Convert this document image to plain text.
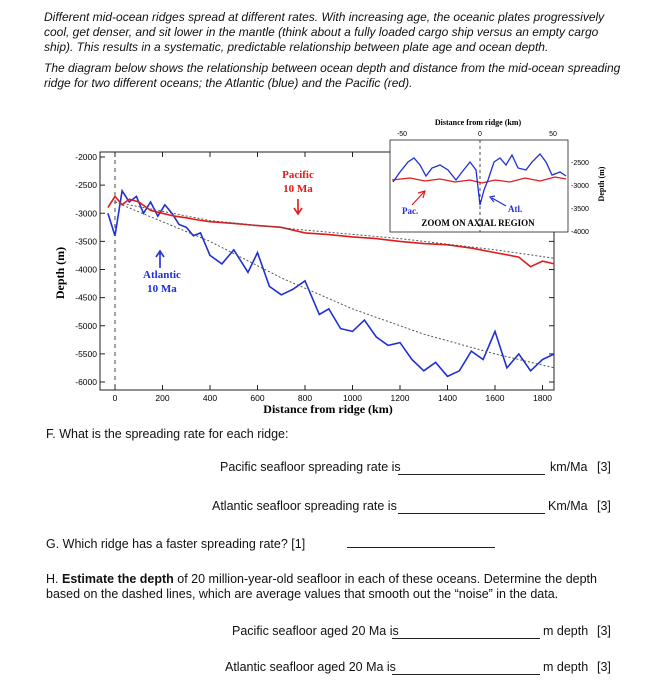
Different mid-ocean ridges spread at different rates. With increasing age, the oceanic plates progressively cool, get denser, and sit lower in the mantle (think about a fully loaded cargo ship versus an empty cargo ship). This results in a systematic, predictable relationship between plate age and ocean depth.

The diagram below shows the relationship between ocean depth and distance from the mid-ocean spreading ridge for two different oceans; the Atlantic (blue) and the Pacific (red).

-2000
-2500
-3000
-3500
-4000
-4500
-5000
-5500
-6000
0	200	400	600	800	1000	1200	1400	1600	1800
Distance from ridge (km)
Depth (m)
Pacific
10 Ma
Atlantic
10 Ma
Distance from ridge (km)
-50	0	50
-2500
-3000
-3500
-4000
Depth (m)
Pac.	Atl.
ZOOM ON AXIAL REGION
F. What is the spreading rate for each ridge:
Pacific seafloor spreading rate is	km/Ma [3]
Atlantic seafloor spreading rate is	Km/Ma [3]
G. Which ridge has a faster spreading rate? [1]
H. Estimate the depth of 20 million-year-old seafloor in each of these oceans. Determine the depth based on the dashed lines, which are average values that smooth out the “noise” in the data.
Pacific seafloor aged 20 Ma is	m depth [3]
Atlantic seafloor aged 20 Ma is	m depth [3]
